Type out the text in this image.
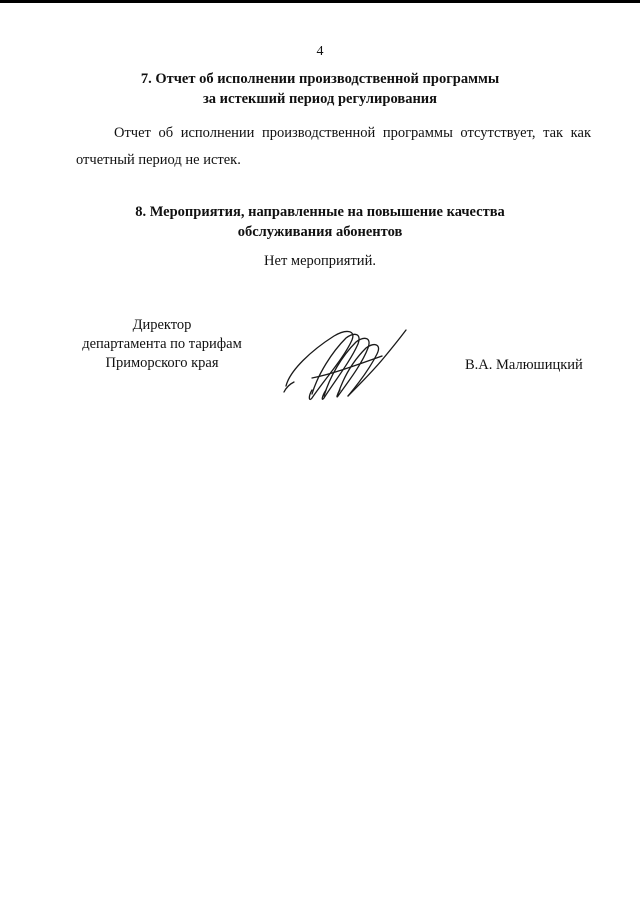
4
7. Отчет об исполнении производственной программы
за истекший период регулирования
Отчет об исполнении производственной программы отсутствует, так как
отчетный период не истек.
8. Мероприятия, направленные на повышение качества
обслуживания абонентов
Нет мероприятий.
Директор
департамента по тарифам
Приморского края	В.А. Малюшицкий
